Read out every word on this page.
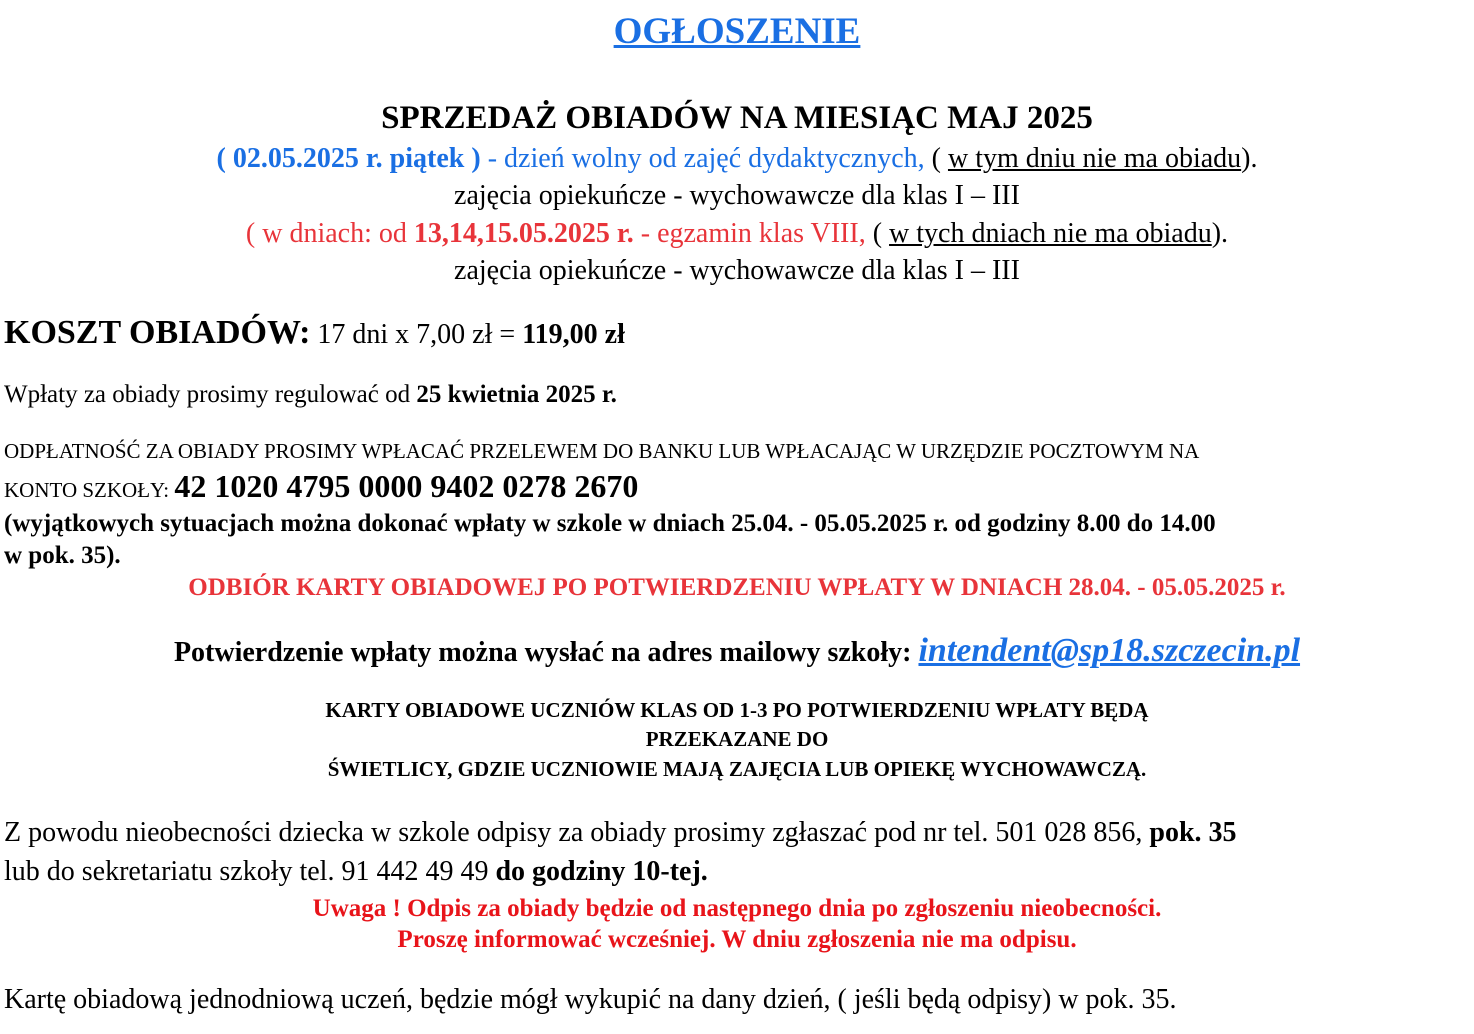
OGŁOSZENIE
SPRZEDAŻ OBIADÓW NA MIESIĄC MAJ 2025
( 02.05.2025 r. piątek ) - dzień wolny od zajęć dydaktycznych, ( w tym dniu nie ma obiadu).
zajęcia opiekuńcze - wychowawcze dla klas I – III
( w dniach: od 13,14,15.05.2025 r. - egzamin klas VIII, ( w tych dniach nie ma obiadu).
zajęcia opiekuńcze - wychowawcze dla klas I – III
KOSZT OBIADÓW: 17 dni x 7,00 zł = 119,00 zł
Wpłaty za obiady prosimy regulować od 25 kwietnia 2025 r.
ODPŁATNOŚĆ ZA OBIADY PROSIMY WPŁACAĆ PRZELEWEM DO BANKU LUB WPŁACAJĄC W URZĘDZIE POCZTOWYM NA
KONTO SZKOŁY: 42 1020 4795 0000 9402 0278 2670
(wyjątkowych sytuacjach można dokonać wpłaty w szkole w dniach 25.04. - 05.05.2025 r. od godziny 8.00 do 14.00
w pok. 35).
ODBIÓR KARTY OBIADOWEJ PO POTWIERDZENIU WPŁATY W DNIACH 28.04. - 05.05.2025 r.
Potwierdzenie wpłaty można wysłać na adres mailowy szkoły: intendent@sp18.szczecin.pl
KARTY OBIADOWE UCZNIÓW KLAS OD 1-3 PO POTWIERDZENIU WPŁATY BĘDĄ
PRZEKAZANE DO
ŚWIETLICY, GDZIE UCZNIOWIE MAJĄ ZAJĘCIA LUB OPIEKĘ WYCHOWAWCZĄ.
Z powodu nieobecności dziecka w szkole odpisy za obiady prosimy zgłaszać pod nr tel. 501 028 856, pok. 35
lub do sekretariatu szkoły tel. 91 442 49 49 do godziny 10-tej.
Uwaga ! Odpis za obiady będzie od następnego dnia po zgłoszeniu nieobecności.
Proszę informować wcześniej. W dniu zgłoszenia nie ma odpisu.
Kartę obiadową jednodniową uczeń, będzie mógł wykupić na dany dzień, ( jeśli będą odpisy) w pok. 35.
